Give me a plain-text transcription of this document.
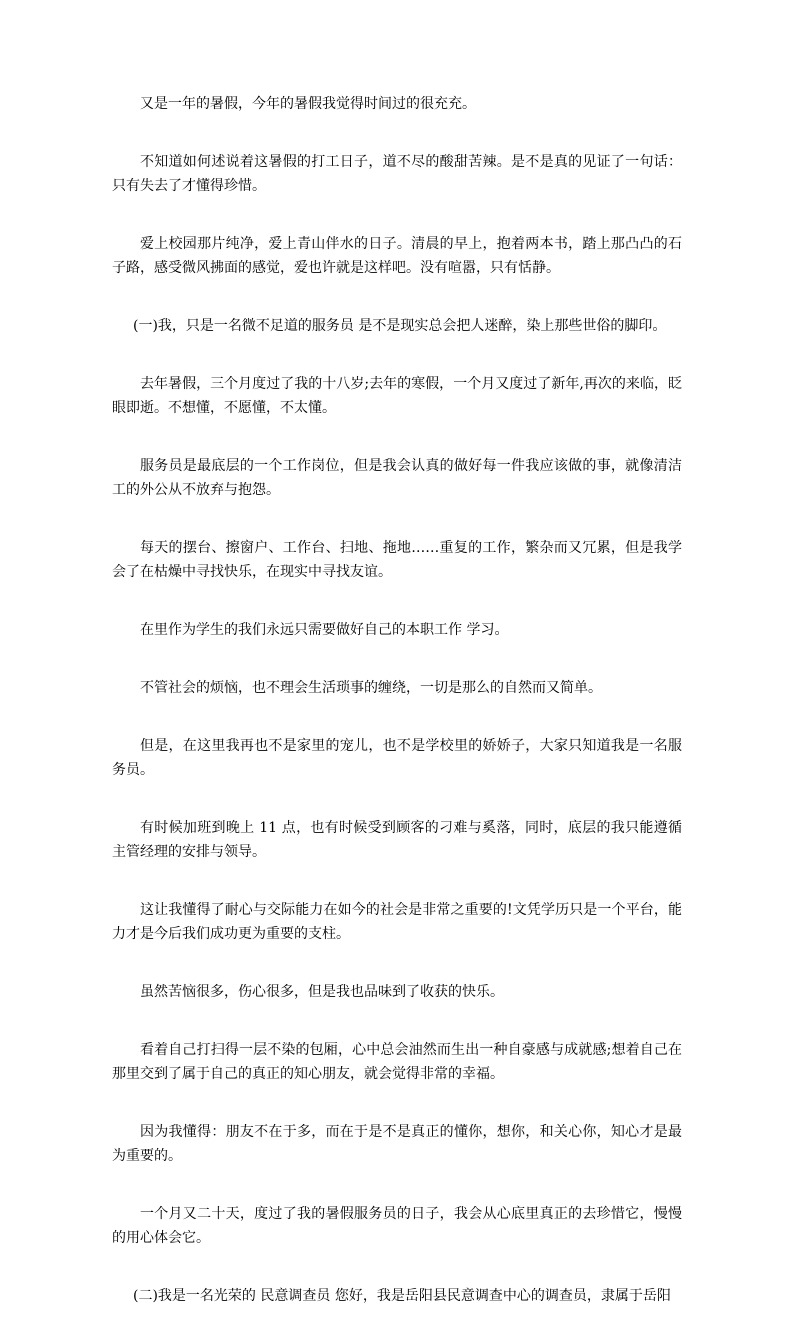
又是一年的暑假，今年的暑假我觉得时间过的很充充。

不知道如何述说着这暑假的打工日子，道不尽的酸甜苦辣。是不是真的见证了一句话：只有失去了才懂得珍惜。

爱上校园那片纯净，爱上青山伴水的日子。清晨的早上，抱着两本书，踏上那凸凸的石子路，感受微风拂面的感觉，爱也许就是这样吧。没有喧嚣，只有恬静。

(一)我，只是一名微不足道的服务员 是不是现实总会把人迷醉，染上那些世俗的脚印。

去年暑假，三个月度过了我的十八岁;去年的寒假，一个月又度过了新年,再次的来临，眨眼即逝。不想懂，不愿懂，不太懂。

服务员是最底层的一个工作岗位，但是我会认真的做好每一件我应该做的事，就像清洁工的外公从不放弃与抱怨。

每天的摆台、擦窗户、工作台、扫地、拖地……重复的工作，繁杂而又冗累，但是我学会了在枯燥中寻找快乐，在现实中寻找友谊。

在里作为学生的我们永远只需要做好自己的本职工作 学习。

不管社会的烦恼，也不理会生活琐事的缠绕，一切是那么的自然而又简单。

但是，在这里我再也不是家里的宠儿，也不是学校里的娇娇子，大家只知道我是一名服务员。

有时候加班到晚上 11 点，也有时候受到顾客的刁难与奚落，同时，底层的我只能遵循主管经理的安排与领导。

这让我懂得了耐心与交际能力在如今的社会是非常之重要的!文凭学历只是一个平台，能力才是今后我们成功更为重要的支柱。

虽然苦恼很多，伤心很多，但是我也品味到了收获的快乐。

看着自己打扫得一层不染的包厢，心中总会油然而生出一种自豪感与成就感;想着自己在那里交到了属于自己的真正的知心朋友，就会觉得非常的幸福。

因为我懂得：朋友不在于多，而在于是不是真正的懂你，想你，和关心你，知心才是最为重要的。

一个月又二十天，度过了我的暑假服务员的日子，我会从心底里真正的去珍惜它，慢慢的用心体会它。

(二)我是一名光荣的 民意调查员 您好，我是岳阳县民意调查中心的调查员，隶属于岳阳
